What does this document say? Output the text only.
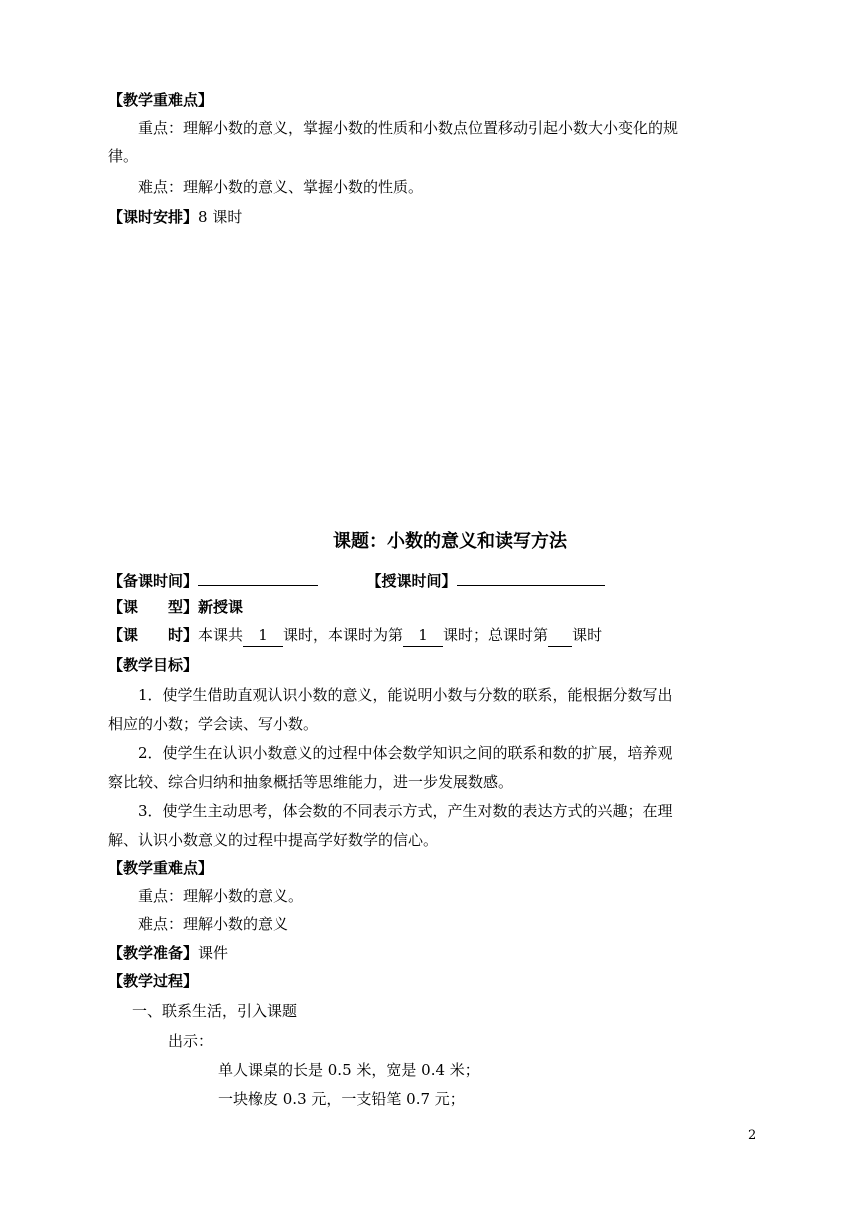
【教学重难点】
重点：理解小数的意义，掌握小数的性质和小数点位置移动引起小数大小变化的规
律。
难点：理解小数的意义、掌握小数的性质。
【课时安排】8 课时
课题：小数的意义和读写方法
【备课时间】	【授课时间】
【课　　型】新授课
【课　　时】本课共 1 课时，本课时为第 1 课时；总课时第 课时
【教学目标】
1．使学生借助直观认识小数的意义，能说明小数与分数的联系，能根据分数写出
相应的小数；学会读、写小数。
2．使学生在认识小数意义的过程中体会数学知识之间的联系和数的扩展，培养观
察比较、综合归纳和抽象概括等思维能力，进一步发展数感。
3．使学生主动思考，体会数的不同表示方式，产生对数的表达方式的兴趣；在理
解、认识小数意义的过程中提高学好数学的信心。
【教学重难点】
重点：理解小数的意义。
难点：理解小数的意义
【教学准备】课件
【教学过程】
一、联系生活，引入课题
出示：
单人课桌的长是 0.5 米，宽是 0.4 米；
一块橡皮 0.3 元，一支铅笔 0.7 元；
2
